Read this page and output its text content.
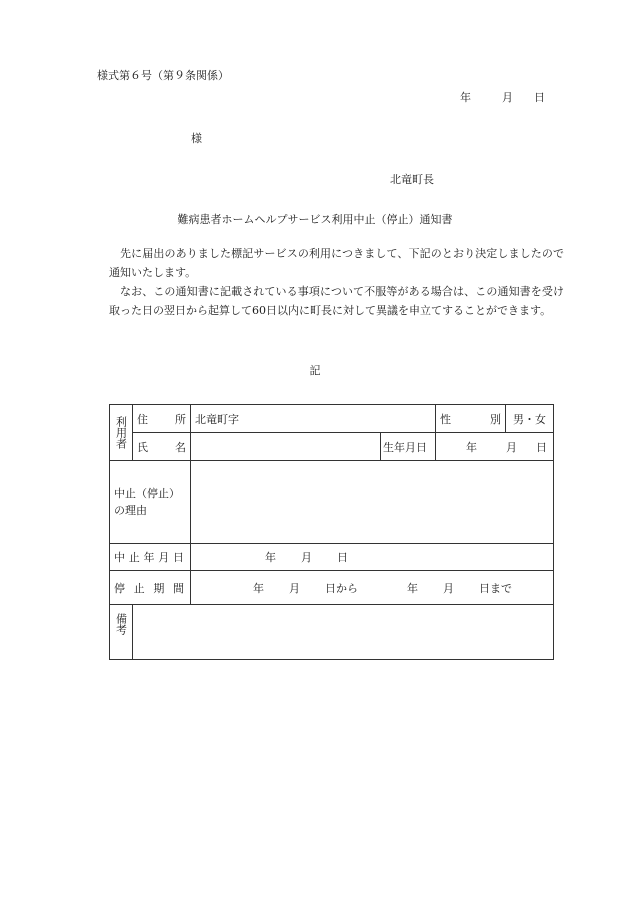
様式第６号（第９条関係）
年	月 日
様
北竜町長
難病患者ホームヘルプサービス利用中止（停止）通知書

先に届出のありました標記サービスの利用につきまして、下記のとおり決定しましたので通知いたします。

なお、この通知書に記載されている事項について不服等がある場合は、この通知書を受け取った日の翌日から起算して60日以内に町長に対して異議を申立てすることができます。

記
利用者	住 所	北竜町字		性 別	男・女

	氏 名		生年月日	年 月 日	

中止（停止）
の理由					

中 止 年 月 日		年 月 日			

停 止 期 間		年 月 日から 年 月 日まで			

備考					
